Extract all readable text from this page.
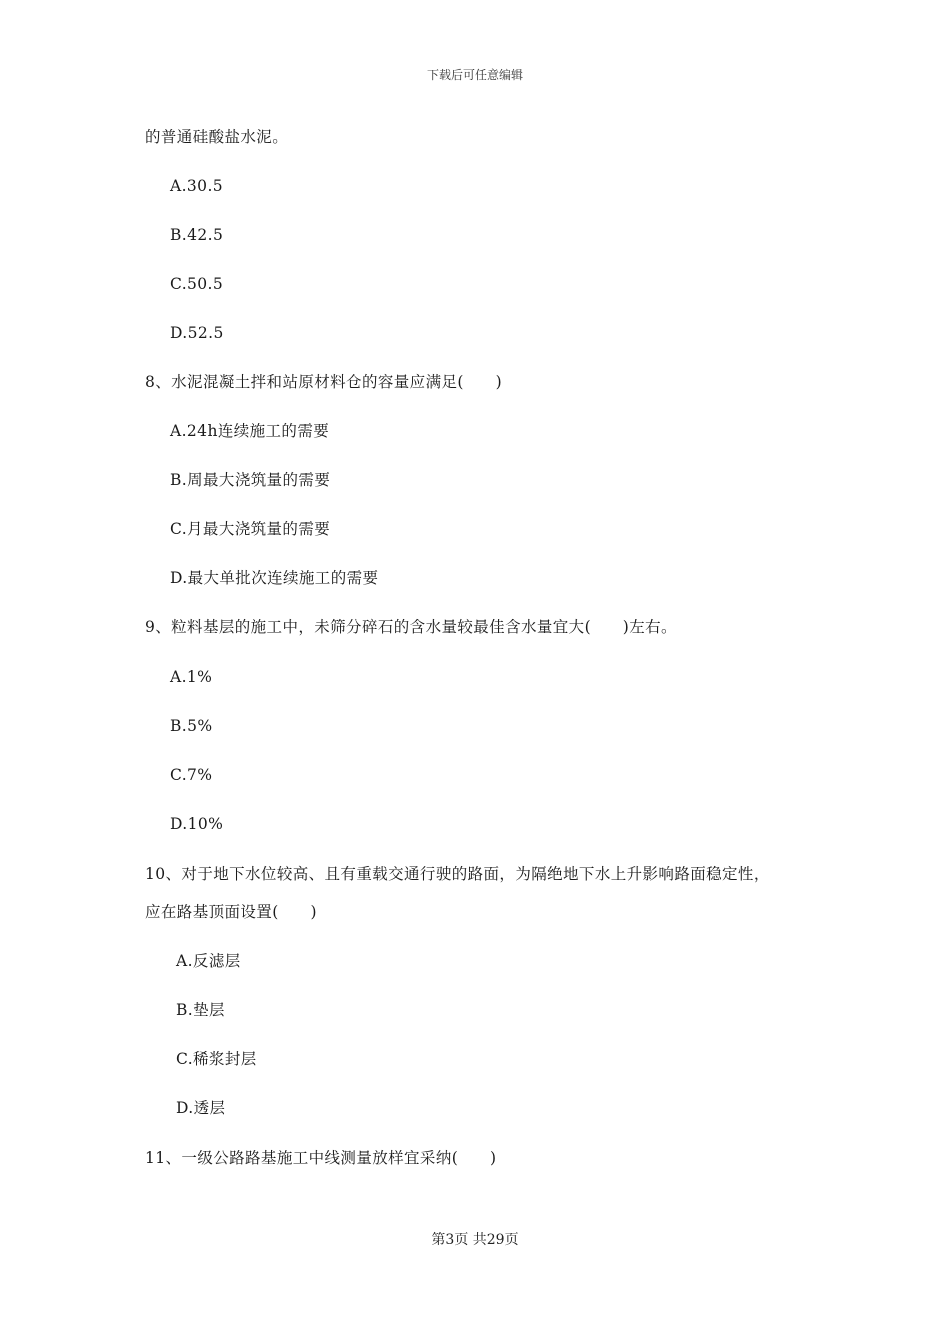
下载后可任意编辑
的普通硅酸盐水泥。
A.30.5
B.42.5
C.50.5
D.52.5
8、水泥混凝土拌和站原材料仓的容量应满足(　　)
A.24h连续施工的需要
B.周最大浇筑量的需要
C.月最大浇筑量的需要
D.最大单批次连续施工的需要
9、粒料基层的施工中，未筛分碎石的含水量较最佳含水量宜大(　　)左右。
A.1%
B.5%
C.7%
D.10%
10、对于地下水位较高、且有重载交通行驶的路面，为隔绝地下水上升影响路面稳定性，
应在路基顶面设置(　　)
A.反滤层
B.垫层
C.稀浆封层
D.透层
11、一级公路路基施工中线测量放样宜采纳(　　)
第3页 共29页
